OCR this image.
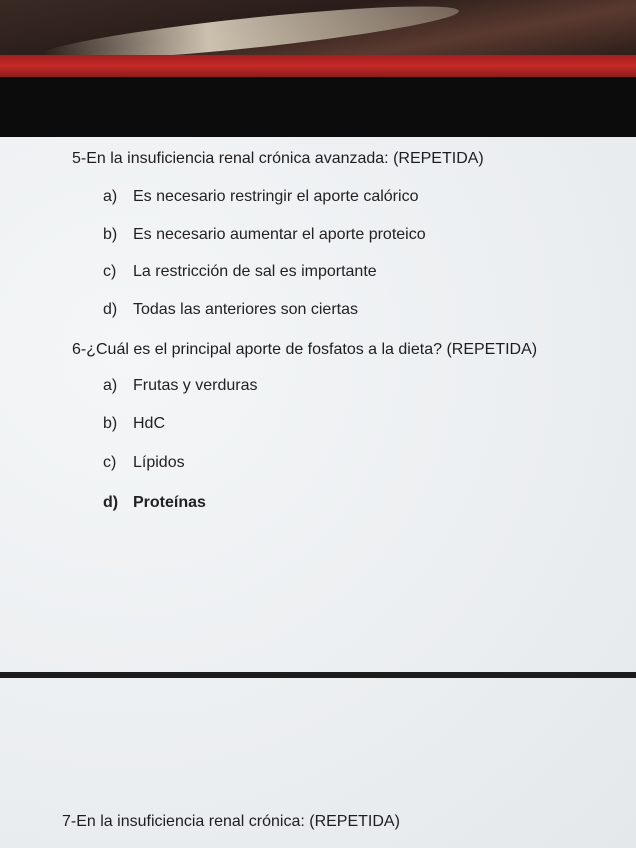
5-En la insuficiencia renal crónica avanzada: (REPETIDA)
a) Es necesario restringir el aporte calórico
b) Es necesario aumentar el aporte proteico
c) La restricción de sal es importante
d) Todas las anteriores son ciertas
6-¿Cuál es el principal aporte de fosfatos a la dieta? (REPETIDA)
a) Frutas y verduras
b) HdC
c) Lípidos
d) Proteínas
7-En la insuficiencia renal crónica: (REPETIDA)
